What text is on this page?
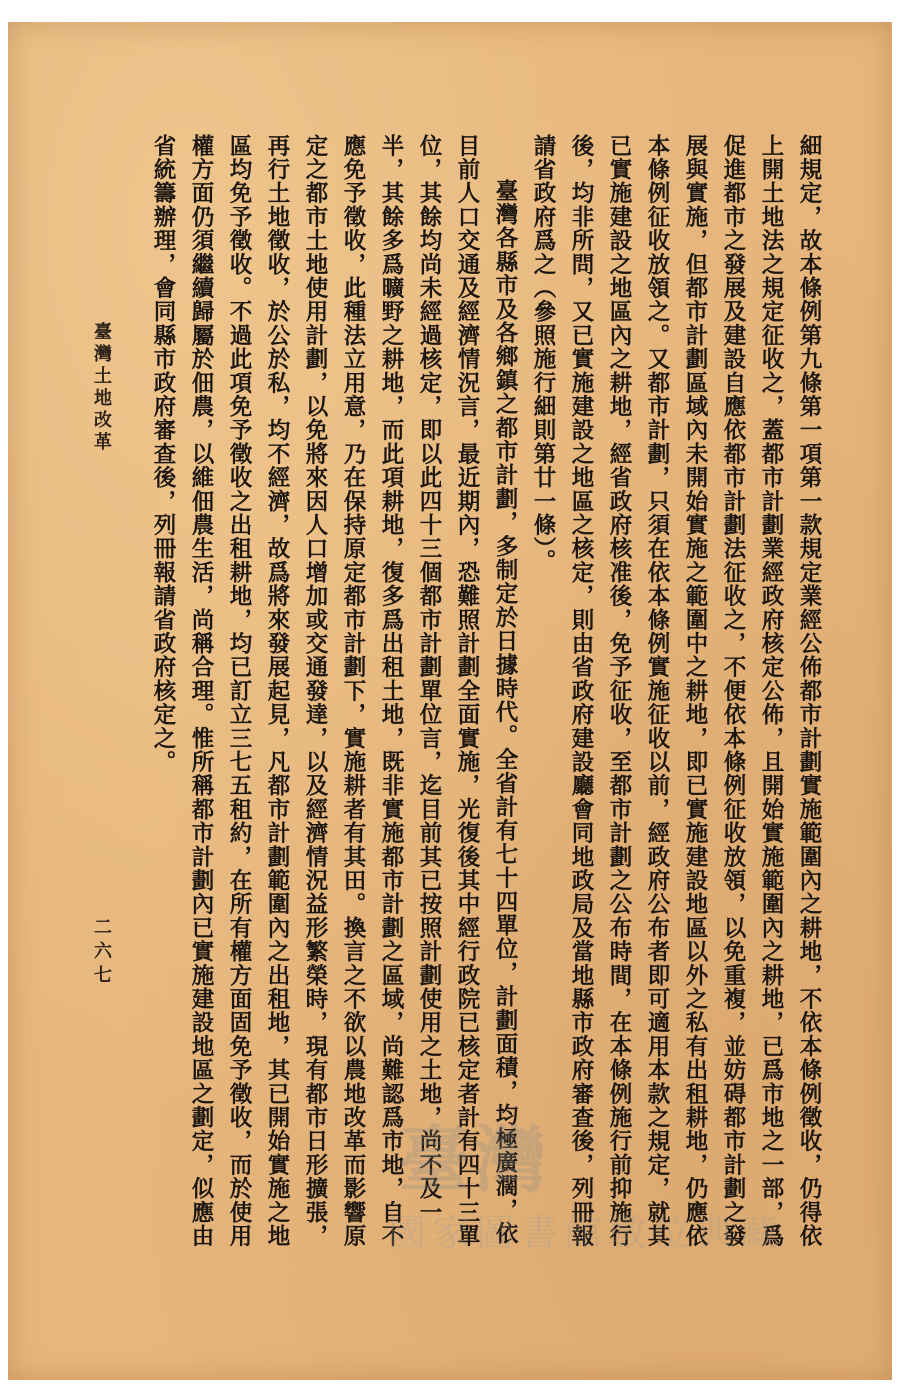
細規定，故本條例第九條第一項第一款規定業經公佈都市計劃實施範圍內之耕地，不依本條例徵收，仍得依上開土地法之規定征收之，蓋都市計劃業經政府核定公佈，且開始實施範圍內之耕地，已爲市地之一部，爲促進都市之發展及建設自應依都市計劃法征收之，不便依本條例征收放領，以免重複，並妨碍都市計劃之發展與實施，但都市計劃區域內未開始實施之範圍中之耕地，即已實施建設地區以外之私有出租耕地，仍應依本條例征收放領之。又都市計劃，只須在依本條例實施征收以前，經政府公布者即可適用本款之規定，就其已實施建設之地區內之耕地，經省政府核准後，免予征收，至都市計劃之公布時間，在本條例施行前抑施行後，均非所問，又已實施建設之地區之核定，則由省政府建設廳會同地政局及當地縣市政府審查後，列冊報請省政府爲之（參照施行細則第廿一條）。

臺灣各縣市及各鄉鎮之都市計劃，多制定於日據時代。全省計有七十四單位，計劃面積，均極廣濶，依目前人口交通及經濟情況言，最近期內，恐難照計劃全面實施，光復後其中經行政院已核定者計有四十三單位，其餘均尚未經過核定，即以此四十三個都市計劃單位言，迄目前其已按照計劃使用之土地，尚不及一半，其餘多爲曠野之耕地，而此項耕地，復多爲出租土地，既非實施都市計劃之區域，尚難認爲市地，自不應免予徵收，此種法立用意，乃在保持原定都市計劃下，實施耕者有其田。換言之不欲以農地改革而影響原定之都市土地使用計劃，以免將來因人口增加或交通發達，以及經濟情況益形繁榮時，現有都市日形擴張，再行土地徵收，於公於私，均不經濟，故爲將來發展起見，凡都市計劃範圍內之出租地，其已開始實施之地區均免予徵收。不過此項免予徵收之出租耕地，均已訂立三七五租約，在所有權方面固免予徵收，而於使用權方面仍須繼續歸屬於佃農，以維佃農生活，尚稱合理。惟所稱都市計劃內已實施建設地區之劃定，似應由省統籌辦理，會同縣市政府審查後，列冊報請省政府核定之。

臺灣土地改革
二六七
臺灣
國家圖書館數位典藏
